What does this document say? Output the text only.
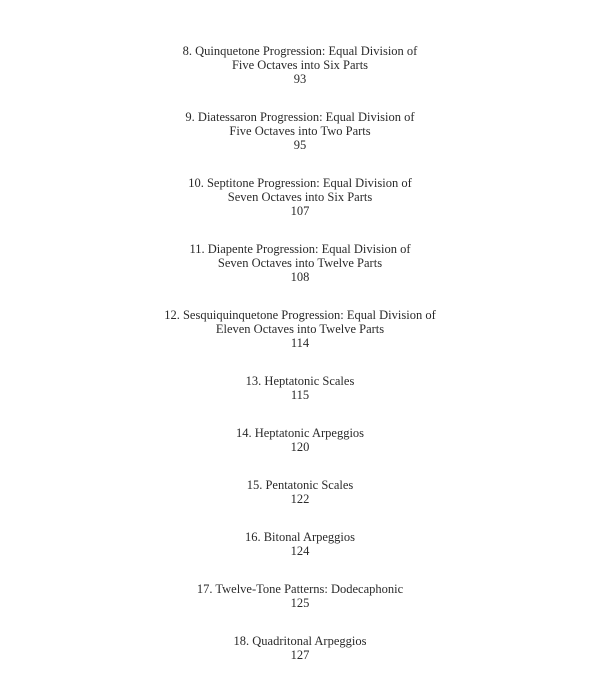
8. Quinquetone Progression: Equal Division of
Five Octaves into Six Parts
93
9. Diatessaron Progression: Equal Division of
Five Octaves into Two Parts
95
10. Septitone Progression: Equal Division of
Seven Octaves into Six Parts
107
11. Diapente Progression: Equal Division of
Seven Octaves into Twelve Parts
108
12. Sesquiquinquetone Progression: Equal Division of
Eleven Octaves into Twelve Parts
114
13. Heptatonic Scales
115
14. Heptatonic Arpeggios
120
15. Pentatonic Scales
122
16. Bitonal Arpeggios
124
17. Twelve-Tone Patterns: Dodecaphonic
125
18. Quadritonal Arpeggios
127
